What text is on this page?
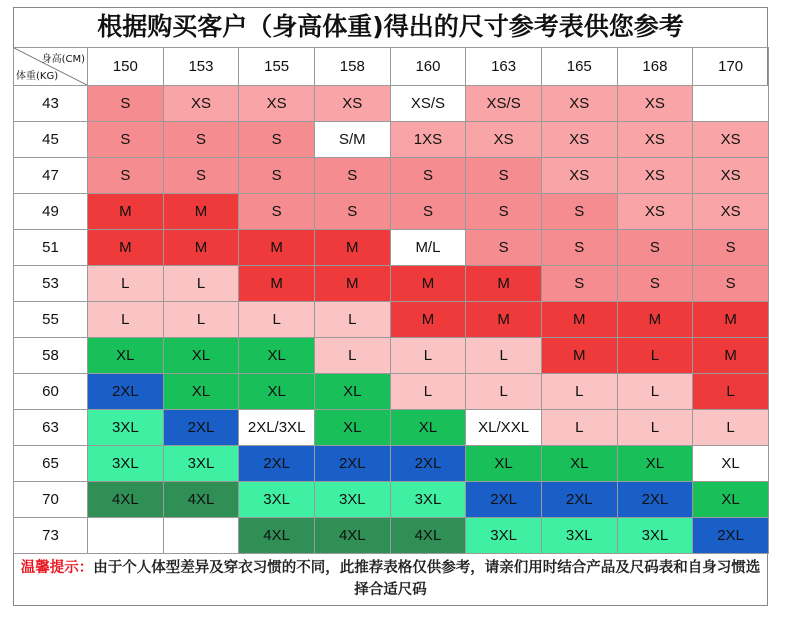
根据购买客户（身高体重)得出的尺寸参考表供您参考
身高(CM)
体重(KG)	150	153	155	158	160	163	165	168	170
43	S	XS	XS	XS	XS/S	XS/S	XS	XS	
45	S	S	S	S/M	1XS	XS	XS	XS	XS
47	S	S	S	S	S	S	XS	XS	XS
49	M	M	S	S	S	S	S	XS	XS
51	M	M	M	M	M/L	S	S	S	S
53	L	L	M	M	M	M	S	S	S
55	L	L	L	L	M	M	M	M	M
58	XL	XL	XL	L	L	L	M	L	M
60	2XL	XL	XL	XL	L	L	L	L	L
63	3XL	2XL	2XL/3XL	XL	XL	XL/XXL	L	L	L
65	3XL	3XL	2XL	2XL	2XL	XL	XL	XL	XL
70	4XL	4XL	3XL	3XL	3XL	2XL	2XL	2XL	XL
73			4XL	4XL	4XL	3XL	3XL	3XL	2XL
温馨提示：由于个人体型差异及穿衣习惯的不同，此推荐表格仅供参考，请亲们用时结合产品及尺码表和自身习惯选择合适尺码
